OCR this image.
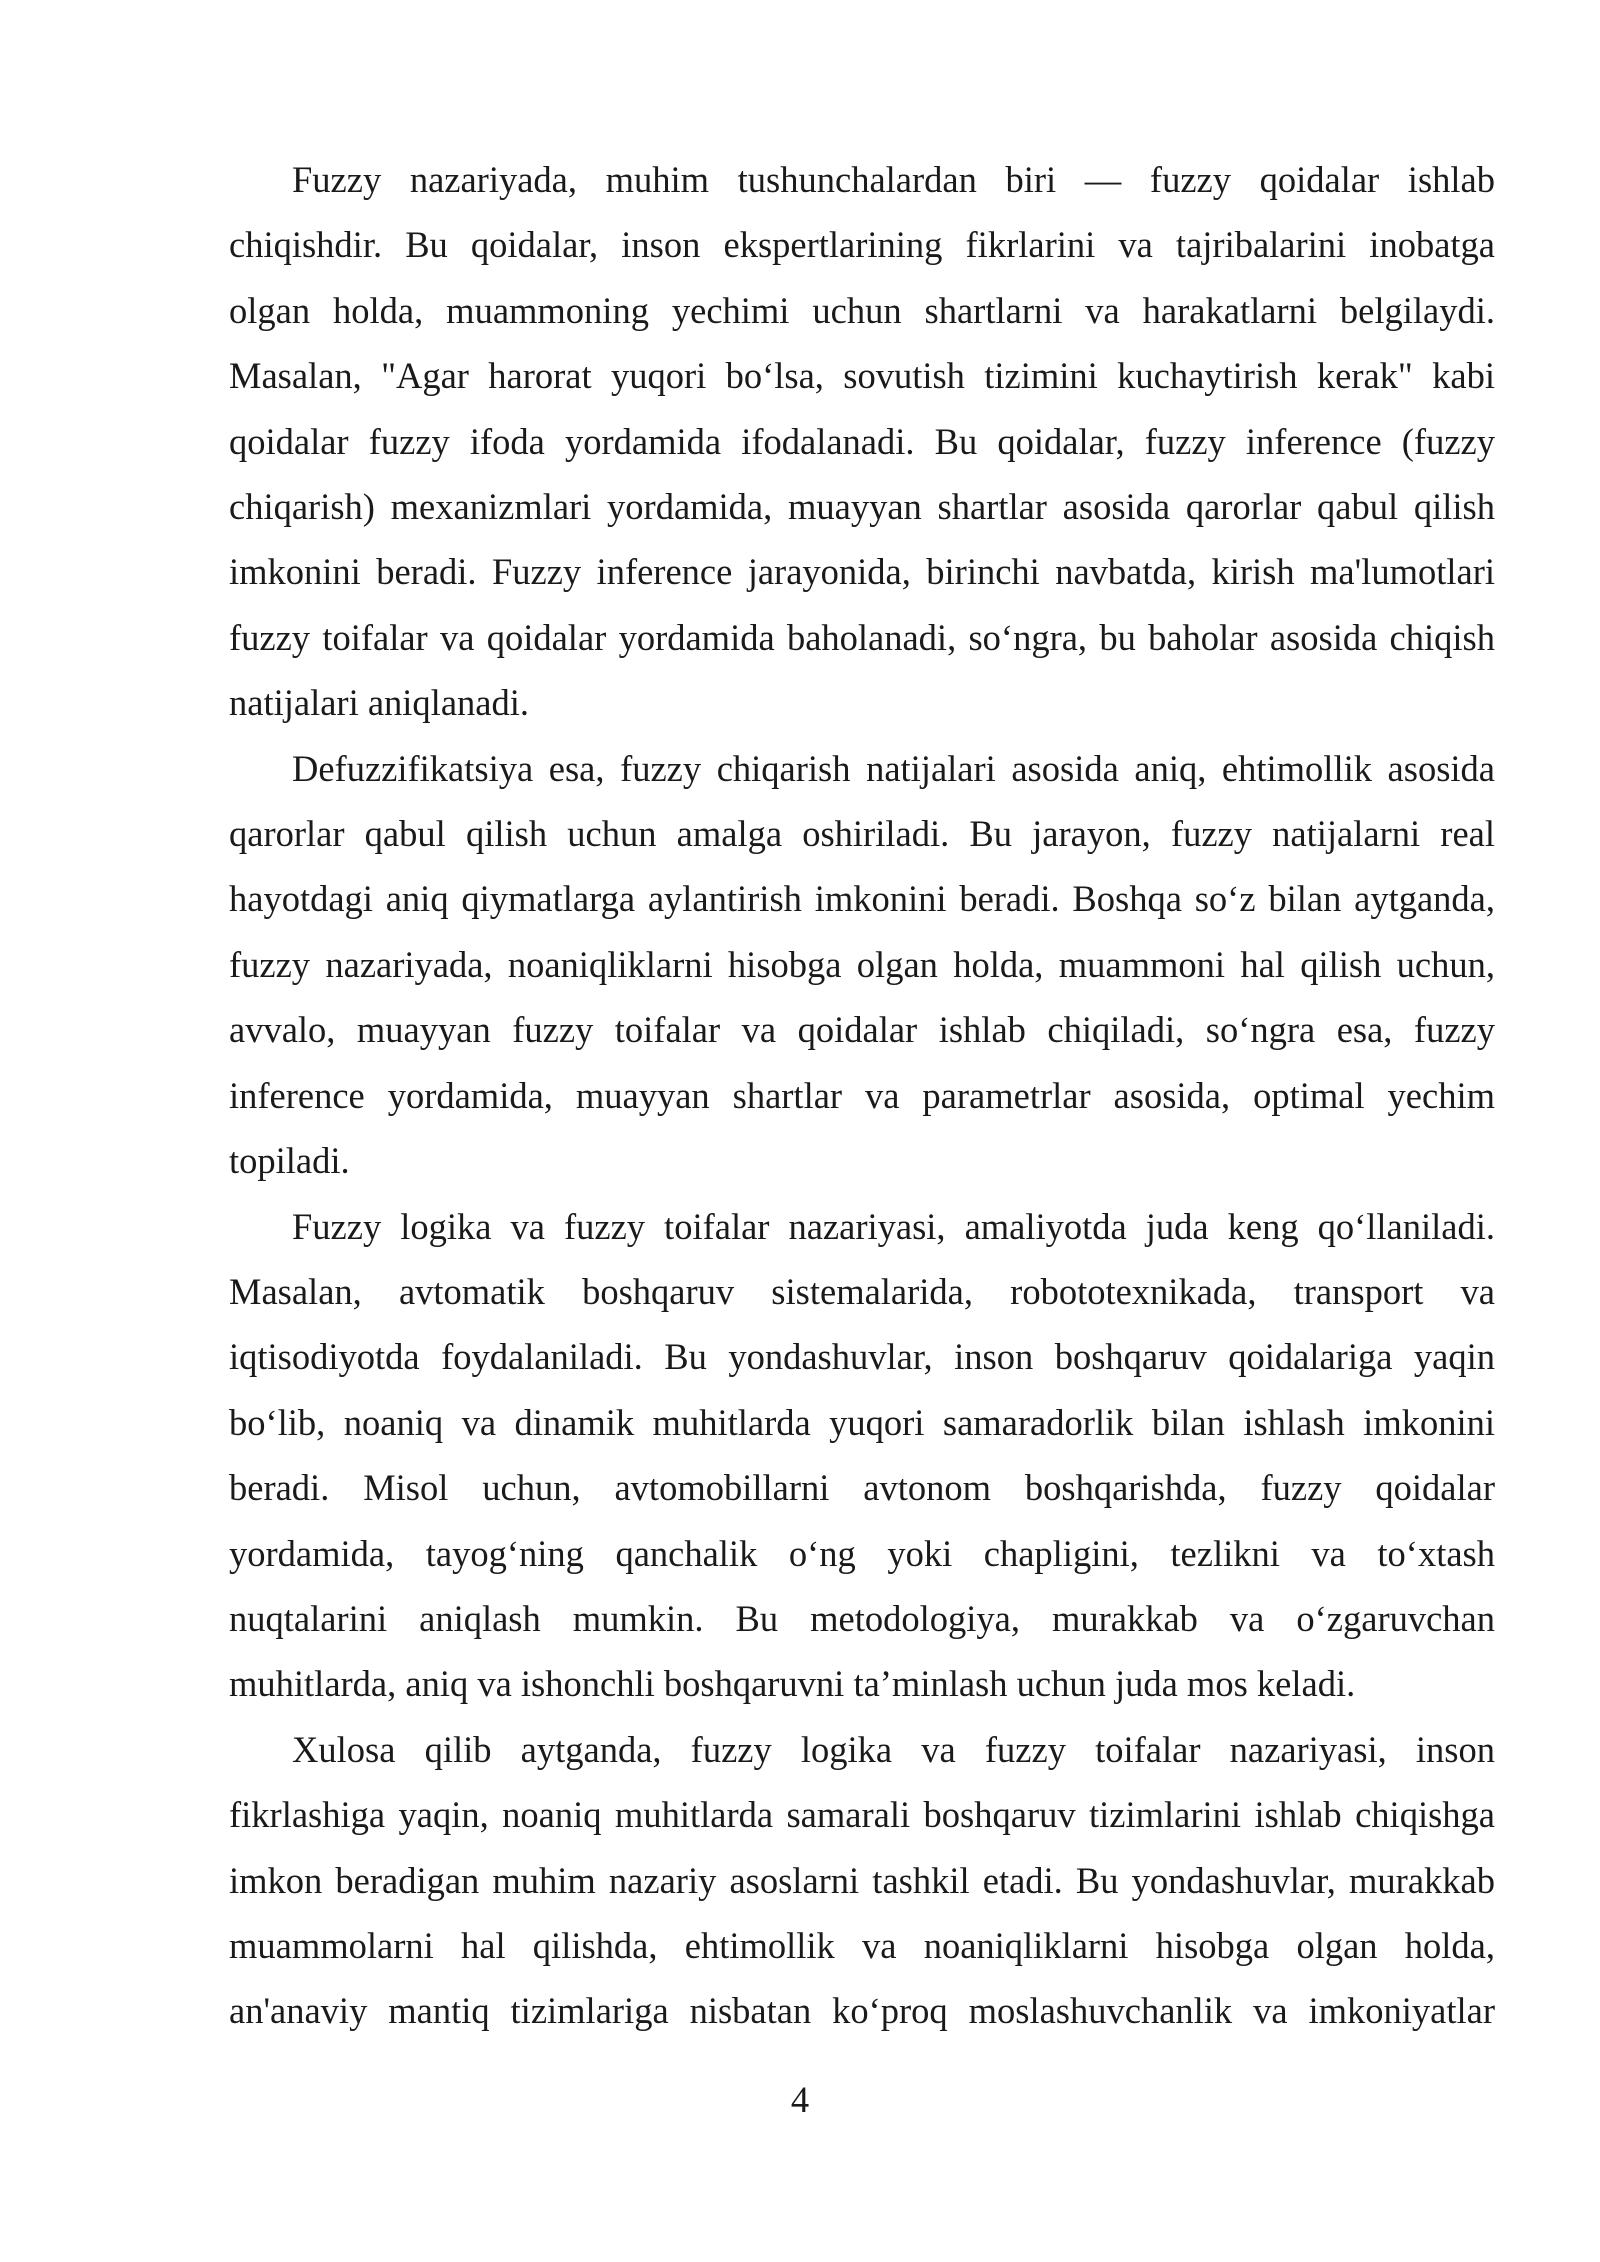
Fuzzy nazariyada, muhim tushunchalardan biri — fuzzy qoidalar ishlab
chiqishdir. Bu qoidalar, inson ekspertlarining fikrlarini va tajribalarini inobatga
olgan holda, muammoning yechimi uchun shartlarni va harakatlarni belgilaydi.
Masalan, "Agar harorat yuqori bo‘lsa, sovutish tizimini kuchaytirish kerak" kabi
qoidalar fuzzy ifoda yordamida ifodalanadi. Bu qoidalar, fuzzy inference (fuzzy
chiqarish) mexanizmlari yordamida, muayyan shartlar asosida qarorlar qabul qilish
imkonini beradi. Fuzzy inference jarayonida, birinchi navbatda, kirish ma'lumotlari
fuzzy toifalar va qoidalar yordamida baholanadi, so‘ngra, bu baholar asosida chiqish
natijalari aniqlanadi.
Defuzzifikatsiya esa, fuzzy chiqarish natijalari asosida aniq, ehtimollik asosida
qarorlar qabul qilish uchun amalga oshiriladi. Bu jarayon, fuzzy natijalarni real
hayotdagi aniq qiymatlarga aylantirish imkonini beradi. Boshqa so‘z bilan aytganda,
fuzzy nazariyada, noaniqliklarni hisobga olgan holda, muammoni hal qilish uchun,
avvalo, muayyan fuzzy toifalar va qoidalar ishlab chiqiladi, so‘ngra esa, fuzzy
inference yordamida, muayyan shartlar va parametrlar asosida, optimal yechim
topiladi.
Fuzzy logika va fuzzy toifalar nazariyasi, amaliyotda juda keng qo‘llaniladi.
Masalan, avtomatik boshqaruv sistemalarida, robototexnikada, transport va
iqtisodiyotda foydalaniladi. Bu yondashuvlar, inson boshqaruv qoidalariga yaqin
bo‘lib, noaniq va dinamik muhitlarda yuqori samaradorlik bilan ishlash imkonini
beradi. Misol uchun, avtomobillarni avtonom boshqarishda, fuzzy qoidalar
yordamida, tayog‘ning qanchalik o‘ng yoki chapligini, tezlikni va to‘xtash
nuqtalarini aniqlash mumkin. Bu metodologiya, murakkab va o‘zgaruvchan
muhitlarda, aniq va ishonchli boshqaruvni ta’minlash uchun juda mos keladi.
Xulosa qilib aytganda, fuzzy logika va fuzzy toifalar nazariyasi, inson
fikrlashiga yaqin, noaniq muhitlarda samarali boshqaruv tizimlarini ishlab chiqishga
imkon beradigan muhim nazariy asoslarni tashkil etadi. Bu yondashuvlar, murakkab
muammolarni hal qilishda, ehtimollik va noaniqliklarni hisobga olgan holda,
an'anaviy mantiq tizimlariga nisbatan ko‘proq moslashuvchanlik va imkoniyatlar
4
